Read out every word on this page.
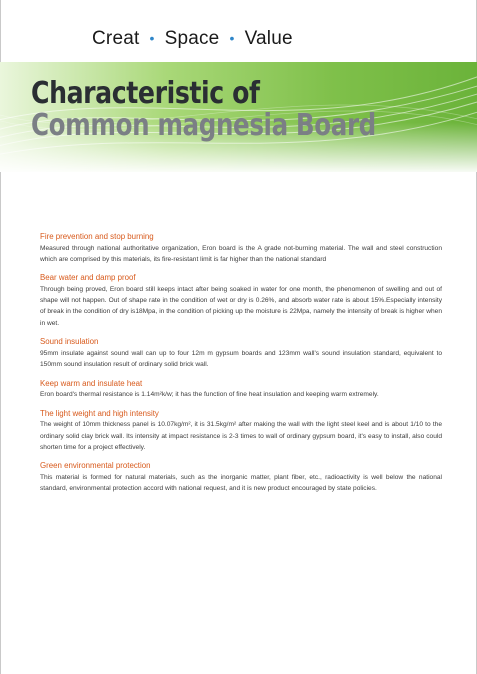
Creat • Space • Value
Characteristic of
Common magnesia Board
Fire prevention and stop burning

Measured through national authoritative organization, Eron board is the A grade not-burning material. The wall and steel construction which are comprised by this materials, its fire-resistant limit is far higher than the national standard

Bear water and damp proof

Through being proved, Eron board still keeps intact after being soaked in water for one month, the phenomenon of swelling and out of shape will not happen. Out of shape rate in the condition of wet or dry is 0.26%, and absorb water rate is about 15%.Especially intensity of break in the condition of dry is18Mpa, in the condition of picking up the moisture is 22Mpa, namely the intensity of break is higher when in wet.

Sound insulation

95mm insulate against sound wall can up to four 12m m gypsum boards and 123mm wall's sound insulation standard, equivalent to 150mm sound insulation result of ordinary solid brick wall.

Keep warm and insulate heat

Eron board's thermal resistance is 1.14m²k/w; it has the function of fine heat insulation and keeping warm extremely.

The light weight and high intensity

The weight of 10mm thickness panel is 10.07kg/m², it is 31.5kg/m² after making the wall with the light steel keel and is about 1/10 to the ordinary solid clay brick wall. Its intensity at impact resistance is 2-3 times to wall of ordinary gypsum board, it's easy to install, also could shorten time for a project effectively.

Green environmental protection

This material is formed for natural materials, such as the inorganic matter, plant fiber, etc., radioactivity is well below the national standard, environmental protection accord with national request, and it is new product encouraged by state policies.
